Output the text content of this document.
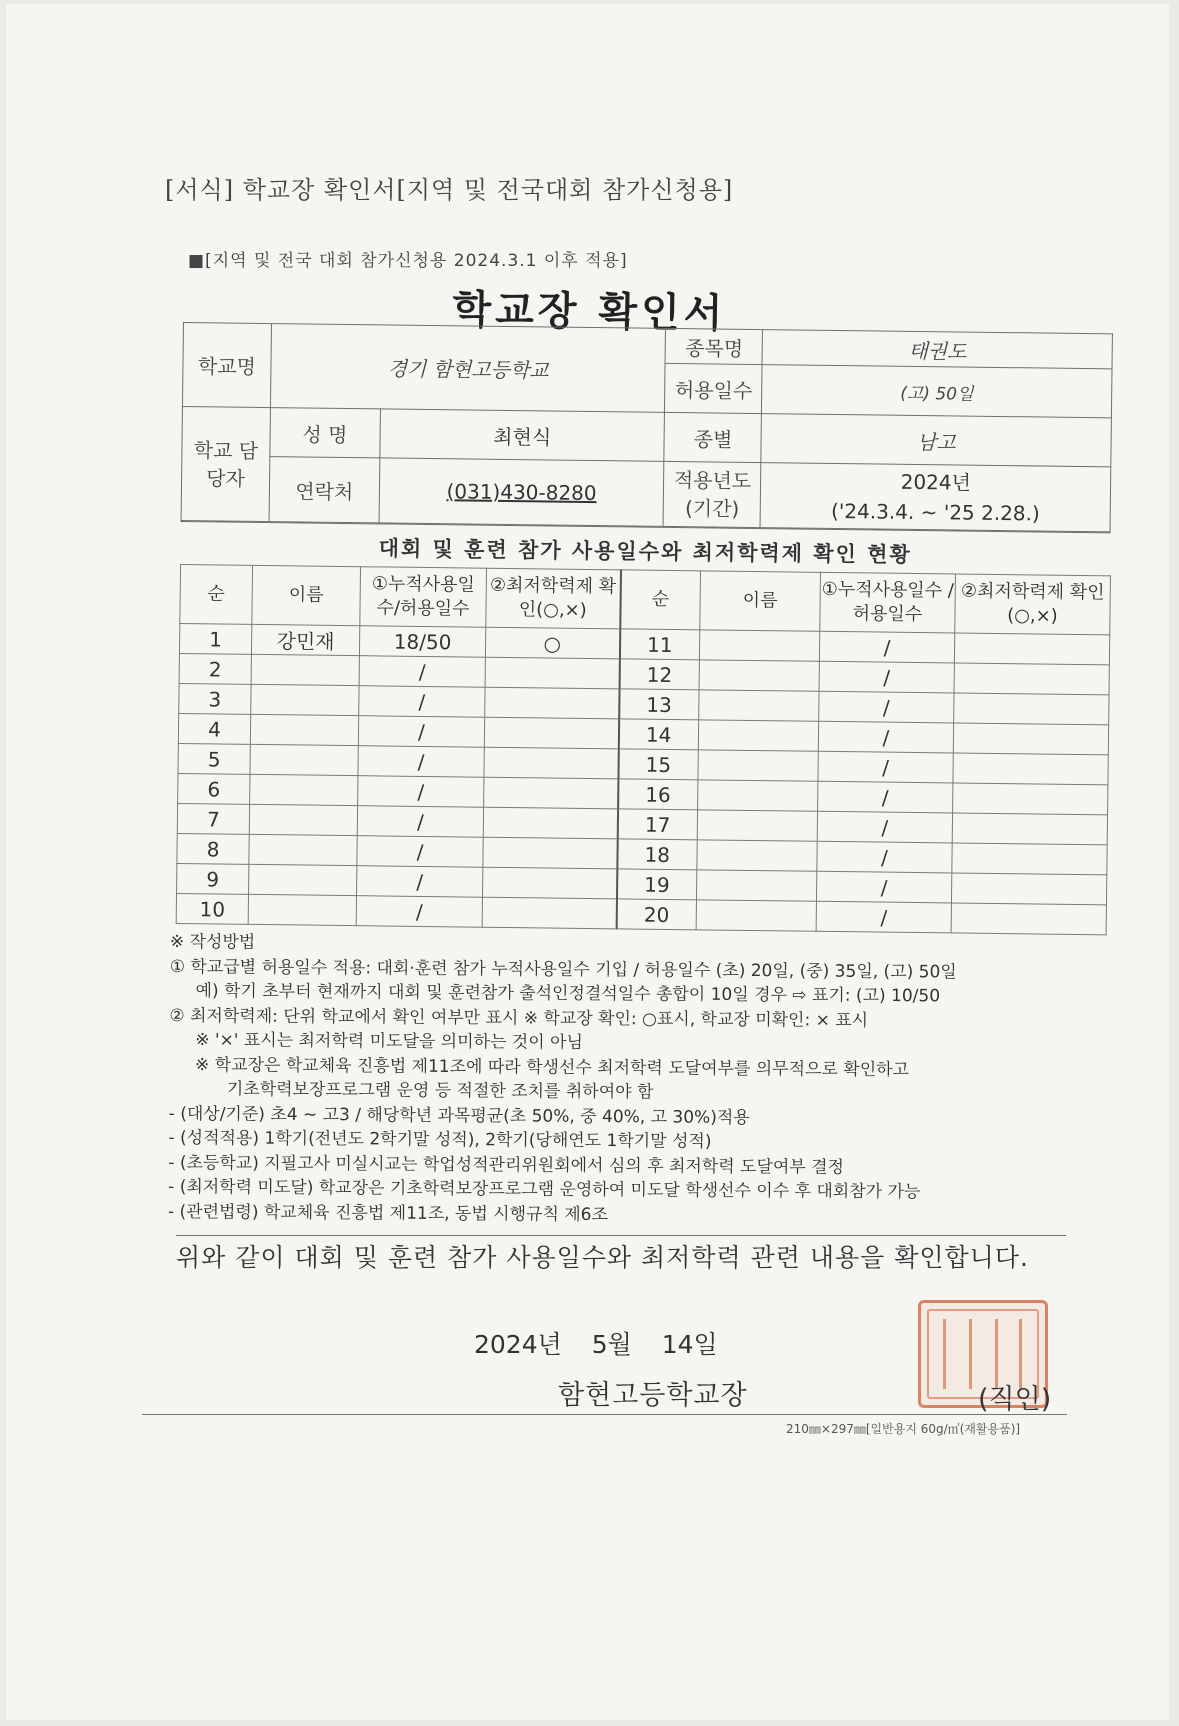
[서식] 학교장 확인서[지역 및 전국대회 참가신청용]
■[지역 및 전국 대회 참가신청용 2024.3.1 이후 적용]
학교장 확인서
학교명	경기 함현고등학교		종목명	태권도
			허용일수	(고) 50일
학교 담당자	성 명	최현식	종별	남고
	연락처	(031)430-8280	적용년도 (기간)	2024년
('24.3.4. ~ '25 2.28.)
대회 및 훈련 참가 사용일수와 최저학력제 확인 현황
순	이름	①누적사용일수/허용일수	②최저학력제 확인(○,×)	순	이름	①누적사용일수 /허용일수	②최저학력제 확인(○,×)
1	강민재	18/50	○	11		/	
2		/		12		/	
3		/		13		/	
4		/		14		/	
5		/		15		/	
6		/		16		/	
7		/		17		/	
8		/		18		/	
9		/		19		/	
10		/		20		/	
※ 작성방법
① 학교급별 허용일수 적용: 대회·훈련 참가 누적사용일수 기입 / 허용일수 (초) 20일, (중) 35일, (고) 50일
예) 학기 초부터 현재까지 대회 및 훈련참가 출석인정결석일수 총합이 10일 경우 ⇨ 표기: (고) 10/50
② 최저학력제: 단위 학교에서 확인 여부만 표시 ※ 학교장 확인: ○표시, 학교장 미확인: × 표시
※ '×' 표시는 최저학력 미도달을 의미하는 것이 아님
※ 학교장은 학교체육 진흥법 제11조에 따라 학생선수 최저학력 도달여부를 의무적으로 확인하고
기초학력보장프로그램 운영 등 적절한 조치를 취하여야 함
- (대상/기준) 초4 ~ 고3 / 해당학년 과목평균(초 50%, 중 40%, 고 30%)적용
- (성적적용) 1학기(전년도 2학기말 성적), 2학기(당해연도 1학기말 성적)
- (초등학교) 지필고사 미실시교는 학업성적관리위원회에서 심의 후 최저학력 도달여부 결정
- (최저학력 미도달) 학교장은 기초학력보장프로그램 운영하여 미도달 학생선수 이수 후 대회참가 가능
- (관련법령) 학교체육 진흥법 제11조, 동법 시행규칙 제6조
위와 같이 대회 및 훈련 참가 사용일수와 최저학력 관련 내용을 확인합니다.
2024년 5월 14일
함현고등학교장	(직인)
210㎜×297㎜[일반용지 60g/㎡(재활용품)]
